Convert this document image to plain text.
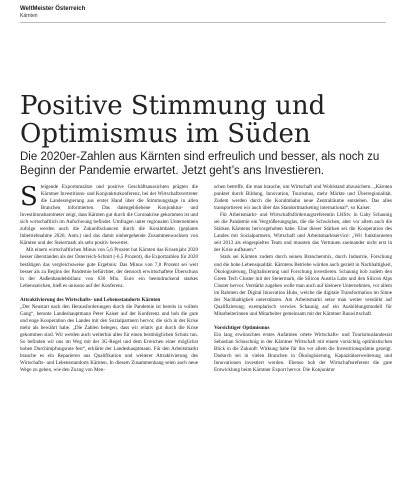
WeltMeister Österreich
Kärnten
Positive Stimmung und
Optimismus im Süden

Die 2020er-Zahlen aus Kärnten sind erfreulich und besser, als noch zu Beginn der Pandemie erwartet. Jetzt geht’s ans Investieren.

Steigende Exportumsätze und positive Geschäftsaussichten prägten die Kärntner Investitions- und Konjunkturkonferenz, bei der Wirtschaftsvertreter die Landesregierung aus erster Hand über die Stimmungslage in allen Branchen informierten. Das datengebliebene Konjunktur- und Investitionsbarometer zeigt, dass Kärnten gut durch die Coronakrise gekommen ist und sich wirtschaftlich im Aufschwung befindet. Umfragen unter regionalen Unternehmen zufolge werden auch die Zukunftschancen durch die Koralmbahn (geplante Inbetriebnahme 2026; Anm.) und das damit einhergehende Zusammenwachsen von Kärnten und der Steiermark als sehr positiv bewertet.

Mit einem wirtschaftlichen Minus von 5,6 Prozent hat Kärnten das Krisenjahr 2020 besser überstanden als der Österreich-Schnitt (-6,5 Prozent), die Exportzahlen für 2020 bestätigen das vergleichsweise gute Ergebnis: Das Minus von 7,8 Prozent sei weit besser als zu Beginn der Pandemie befürchtet, der dennoch erwirtschaftete Überschuss in der Außenhandelsbilanz von 630 Mio. Euro ein beeindruckend starkes Lebenszeichen, hieß es unisono auf der Konferenz.

Attraktivierung des Wirtschafts- und Lebensstandorts Kärnten

„Der Neustart nach den Herausforderungen durch die Pandemie ist bereits in vollem Gang“, betonte Landeshauptmann Peter Kaiser auf der Konferenz und hob die gute und enge Kooperation des Landes mit den Sozialpartnern hervor, die sich in der Krise mehr als bewährt habe. „Die Zahlen belegen, dass wir relativ gut durch die Krise gekommen sind. Wir werden auch weiterhin alles für einen bestmöglichen Schutz tun. So befinden wir uns im Weg mit der 3G-Regel und dem Erreichen einer möglichst hohen Durchimpfungsrate fest“, erklärte der Landeshauptmann. Für den Arbeitsmarkt brauche es ein Reparieren aus Qualifikation und weiterer Attraktivierung des Wirtschafts- und Lebensstandorts Kärnten. In diesem Zusammenhang seien auch neue Wege zu gehen, wie den Zuzug von Men-

schen betreffe, die man brauche, um Wirtschaft und Wohlstand abzusichern. „Kärnten punktet durch Bildung, Innovation, Tourismus, mehr Märkte und Überregionalität. Zudem werden durch die Koralmbahn neue Zentralräume entstehen. Das alles transportieren wir auch über das Standortmarketing international“, so Kaiser.

Für Arbeitsmarkt- und Wirtschaftsförderungsreferentin LHStv. in Gaby Schaunig sei die Pandemie ein Vergrößerungsglas, die die Schwächen, aber vor allem auch die Stärken Kärntens hervorgehoben habe. Eine dieser Stärken sei die Kooperation des Landes mit Sozialpartnern, Wirtschaft und Arbeitsmarktservice: „Wir funktionieren seit 2013 als eingespieltes Team und mussten das Vertrauen zueinander nicht erst in der Krise aufbauen.“

Stark sei Kärnten zudem durch seinen Branchenmix, durch Industrie, Forschung und die hohe Lebensqualität. Kärntens Betriebe würden auch gezielt in Nachhaltigkeit, Ökologisierung, Digitalisierung und Forschung investieren. Schaunig hob zudem den Green Tech Cluster mit der Steiermark, die Silicon Austria Labs und den Silicon Alps Cluster hervor. Verstärkt zugehen wolle man auch auf kleinere Unternehmen, vor allem im Rahmen der Digital Innovation Hubs, welche die digitale Transformation im Sinne der Nachhaltigkeit unterstützen. Am Arbeitsmarkt setze man weiter verstärkt auf Qualifizierung; exemplarisch verwies Schaunig auf ein Ausbildungsmodell für Mitarbeiterinnen und Mitarbeiter gemeinsam mit der Kärntner Bauwirtschaft.

Vorsichtiger Optimismus

Ein lang erwünschtes erstes Aufatmen ortete Wirtschafts- und Tourismuslandesrat Sebastian Schuschnig in der Kärntner Wirtschaft mit einem vorsichtig optimistischen Blick in die Zukunft: Wirkung habe für ihn vor allem die Investitionsprämie gezeigt. Dadurch sei in vielen Branchen in Ökologisierung, Kapazitätserweiterung und Innovationen investiert worden. Ebenso hob der Wirtschaftsreferent die gute Entwicklung beim Kärntner Export hervor. Die Konjunktur
